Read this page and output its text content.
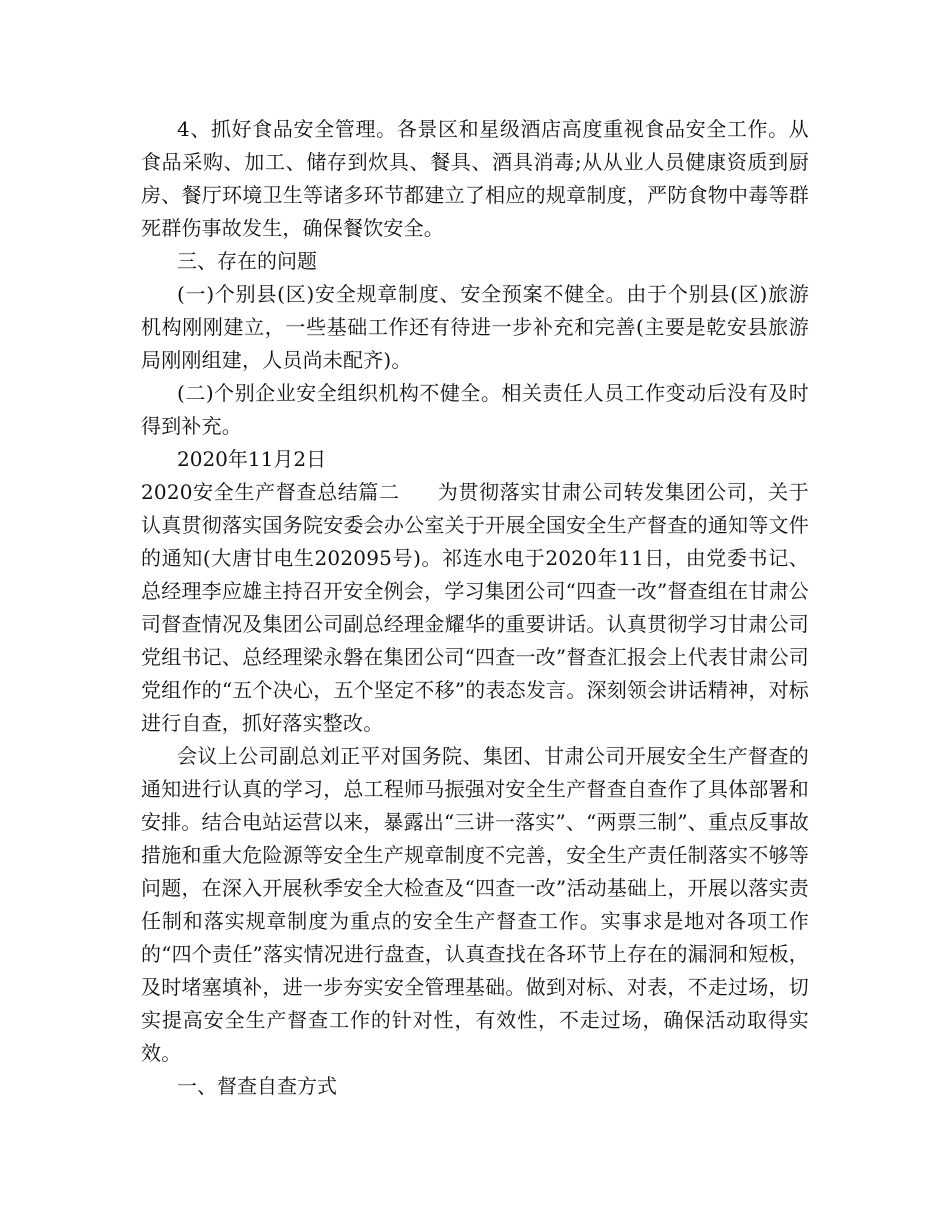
4、抓好食品安全管理。各景区和星级酒店高度重视食品安全工作。从食品采购、加工、储存到炊具、餐具、酒具消毒;从从业人员健康资质到厨房、餐厅环境卫生等诸多环节都建立了相应的规章制度，严防食物中毒等群死群伤事故发生，确保餐饮安全。

三、存在的问题

(一)个别县(区)安全规章制度、安全预案不健全。由于个别县(区)旅游机构刚刚建立，一些基础工作还有待进一步补充和完善(主要是乾安县旅游局刚刚组建，人员尚未配齐)。

(二)个别企业安全组织机构不健全。相关责任人员工作变动后没有及时得到补充。

2020年11月2日

2020安全生产督查总结篇二 为贯彻落实甘肃公司转发集团公司，关于认真贯彻落实国务院安委会办公室关于开展全国安全生产督查的通知等文件的通知(大唐甘电生202095号)。祁连水电于2020年11日，由党委书记、总经理李应雄主持召开安全例会，学习集团公司“四查一改”督查组在甘肃公司督查情况及集团公司副总经理金耀华的重要讲话。认真贯彻学习甘肃公司党组书记、总经理梁永磐在集团公司“四查一改”督查汇报会上代表甘肃公司党组作的“五个决心，五个坚定不移”的表态发言。深刻领会讲话精神，对标进行自查，抓好落实整改。

会议上公司副总刘正平对国务院、集团、甘肃公司开展安全生产督查的通知进行认真的学习，总工程师马振强对安全生产督查自查作了具体部署和安排。结合电站运营以来，暴露出“三讲一落实”、“两票三制”、重点反事故措施和重大危险源等安全生产规章制度不完善，安全生产责任制落实不够等问题，在深入开展秋季安全大检查及“四查一改”活动基础上，开展以落实责任制和落实规章制度为重点的安全生产督查工作。实事求是地对各项工作的“四个责任”落实情况进行盘查，认真查找在各环节上存在的漏洞和短板，及时堵塞填补，进一步夯实安全管理基础。做到对标、对表，不走过场，切实提高安全生产督查工作的针对性，有效性，不走过场，确保活动取得实效。

一、督查自查方式
